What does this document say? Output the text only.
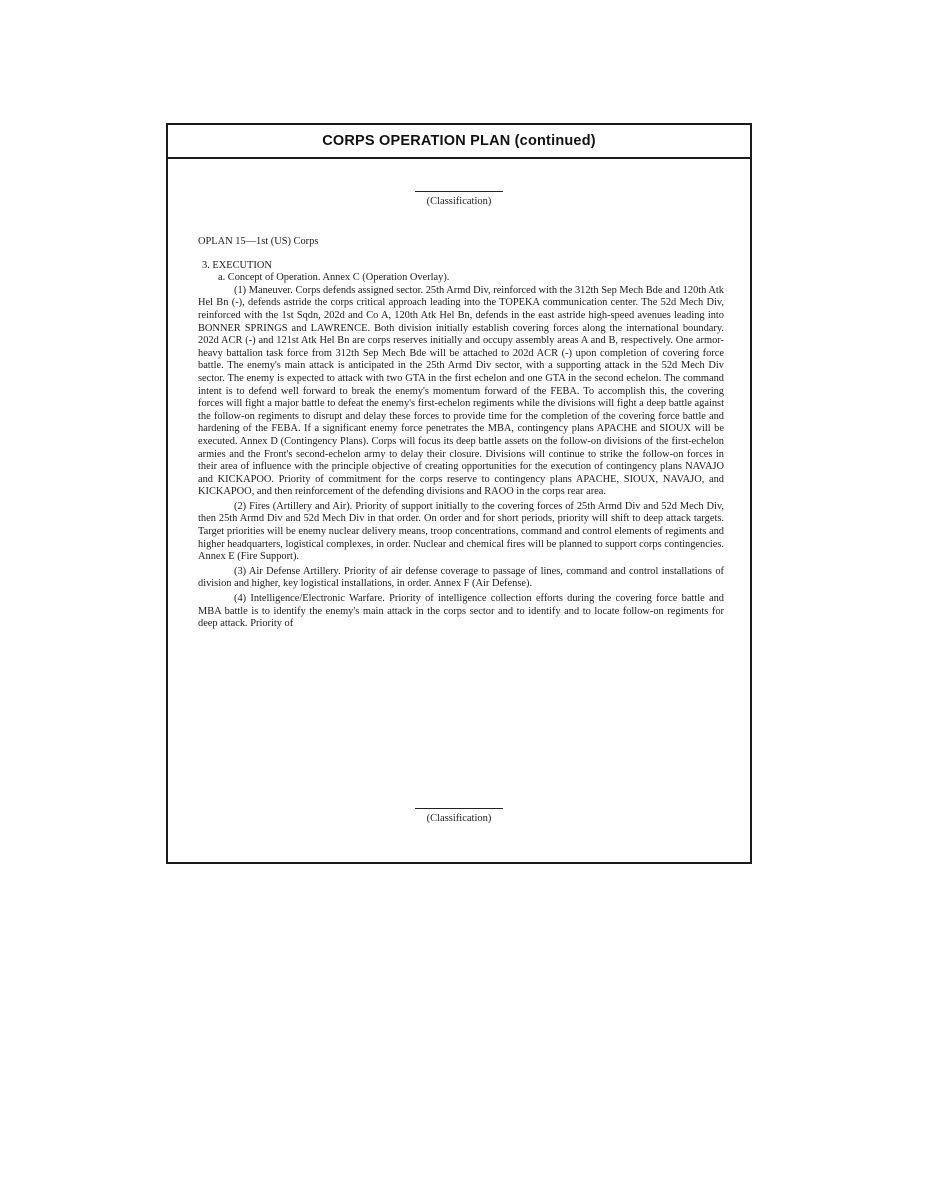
CORPS OPERATION PLAN (continued)
(Classification)

OPLAN 15—1st (US) Corps

3. EXECUTION

a. Concept of Operation. Annex C (Operation Overlay).

(1) Maneuver. Corps defends assigned sector. 25th Armd Div, reinforced with the 312th Sep Mech Bde and 120th Atk Hel Bn (-), defends astride the corps critical approach leading into the TOPEKA communication center. The 52d Mech Div, reinforced with the 1st Sqdn, 202d and Co A, 120th Atk Hel Bn, defends in the east astride high-speed avenues leading into BONNER SPRINGS and LAWRENCE. Both division initially establish covering forces along the international boundary. 202d ACR (-) and 121st Atk Hel Bn are corps reserves initially and occupy assembly areas A and B, respectively. One armor-heavy battalion task force from 312th Sep Mech Bde will be attached to 202d ACR (-) upon completion of covering force battle. The enemy's main attack is anticipated in the 25th Armd Div sector, with a supporting attack in the 52d Mech Div sector. The enemy is expected to attack with two GTA in the first echelon and one GTA in the second echelon. The command intent is to defend well forward to break the enemy's momentum forward of the FEBA. To accomplish this, the covering forces will fight a major battle to defeat the enemy's first-echelon regiments while the divisions will fight a deep battle against the follow-on regiments to disrupt and delay these forces to provide time for the completion of the covering force battle and hardening of the FEBA. If a significant enemy force penetrates the MBA, contingency plans APACHE and SIOUX will be executed. Annex D (Contingency Plans). Corps will focus its deep battle assets on the follow-on divisions of the first-echelon armies and the Front's second-echelon army to delay their closure. Divisions will continue to strike the follow-on forces in their area of influence with the principle objective of creating opportunities for the execution of contingency plans NAVAJO and KICKAPOO. Priority of commitment for the corps reserve to contingency plans APACHE, SIOUX, NAVAJO, and KICKAPOO, and then reinforcement of the defending divisions and RAOO in the corps rear area.

(2) Fires (Artillery and Air). Priority of support initially to the covering forces of 25th Armd Div and 52d Mech Div, then 25th Armd Div and 52d Mech Div in that order. On order and for short periods, priority will shift to deep attack targets. Target priorities will be enemy nuclear delivery means, troop concentrations, command and control elements of regiments and higher headquarters, logistical complexes, in order. Nuclear and chemical fires will be planned to support corps contingencies. Annex E (Fire Support).

(3) Air Defense Artillery. Priority of air defense coverage to passage of lines, command and control installations of division and higher, key logistical installations, in order. Annex F (Air Defense).

(4) Intelligence/Electronic Warfare. Priority of intelligence collection efforts during the covering force battle and MBA battle is to identify the enemy's main attack in the corps sector and to identify and to locate follow-on regiments for deep attack. Priority of

(Classification)
